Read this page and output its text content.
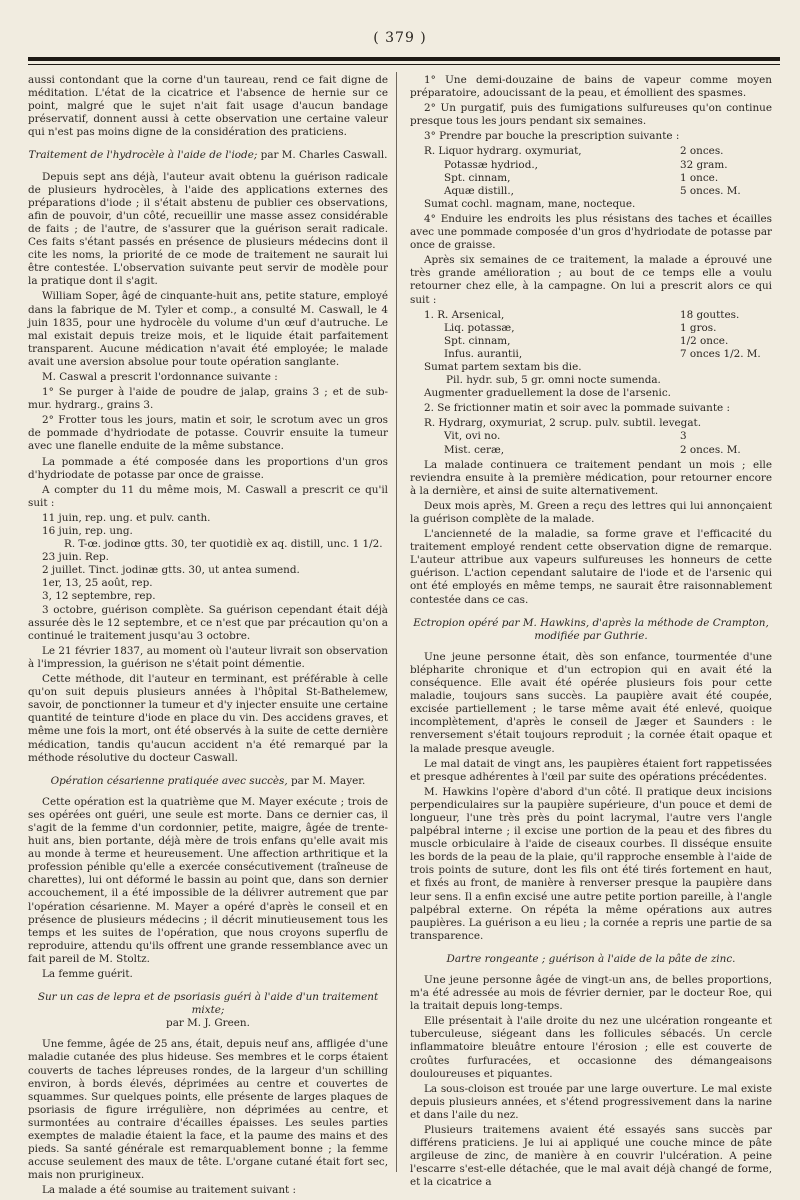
( 379 )

aussi contondant que la corne d'un taureau, rend ce fait digne de méditation. L'état de la cicatrice et l'absence de hernie sur ce point, malgré que le sujet n'ait fait usage d'aucun bandage préservatif, donnent aussi à cette observation une certaine valeur qui n'est pas moins digne de la considération des praticiens.

Traitement de l'hydrocèle à l'aide de l'iode; par M. Charles Caswall.

Depuis sept ans déjà, l'auteur avait obtenu la guérison radicale de plusieurs hydrocèles, à l'aide des applications externes des préparations d'iode ; il s'était abstenu de publier ces observations, afin de pouvoir, d'un côté, recueillir une masse assez considérable de faits ; de l'autre, de s'assurer que la guérison serait radicale. Ces faits s'étant passés en présence de plusieurs médecins dont il cite les noms, la priorité de ce mode de traitement ne saurait lui être contestée. L'observation suivante peut servir de modèle pour la pratique dont il s'agit.

William Soper, âgé de cinquante-huit ans, petite stature, employé dans la fabrique de M. Tyler et comp., a consulté M. Caswall, le 4 juin 1835, pour une hydrocèle du volume d'un œuf d'autruche. Le mal existait depuis treize mois, et le liquide était parfaitement transparent. Aucune médication n'avait été employée; le malade avait une aversion absolue pour toute opération sanglante.

M. Caswal a prescrit l'ordonnance suivante :

1° Se purger à l'aide de poudre de jalap, grains 3 ; et de sub-mur. hydrarg., grains 3.

2° Frotter tous les jours, matin et soir, le scrotum avec un gros de pommade d'hydriodate de potasse. Couvrir ensuite la tumeur avec une flanelle enduite de la même substance.

La pommade a été composée dans les proportions d'un gros d'hydriodate de potasse par once de graisse.

A compter du 11 du même mois, M. Caswall a prescrit ce qu'il suit :

11 juin, rep. ung. et pulv. canth.
16 juin, rep. ung.
R. T-œ. jodinœ gtts. 30, ter quotidiè ex aq. distill, unc. 1 1/2.
23 juin. Rep.
2 juillet. Tinct. jodinæ gtts. 30, ut antea sumend.
1er, 13, 25 août, rep.
3, 12 septembre, rep.

3 octobre, guérison complète. Sa guérison cependant était déjà assurée dès le 12 septembre, et ce n'est que par précaution qu'on a continué le traitement jusqu'au 3 octobre.

Le 21 février 1837, au moment où l'auteur livrait son observation à l'impression, la guérison ne s'était point démentie.

Cette méthode, dit l'auteur en terminant, est préférable à celle qu'on suit depuis plusieurs années à l'hôpital St-Bathelemew, savoir, de ponctionner la tumeur et d'y injecter ensuite une certaine quantité de teinture d'iode en place du vin. Des accidens graves, et même une fois la mort, ont été observés à la suite de cette dernière médication, tandis qu'aucun accident n'a été remarqué par la méthode résolutive du docteur Caswall.

Opération césarienne pratiquée avec succès, par M. Mayer.

Cette opération est la quatrième que M. Mayer exécute ; trois de ses opérées ont guéri, une seule est morte. Dans ce dernier cas, il s'agit de la femme d'un cordonnier, petite, maigre, âgée de trente-huit ans, bien portante, déjà mère de trois enfans qu'elle avait mis au monde à terme et heureusement. Une affection arthritique et la profession pénible qu'elle a exercée consécutivement (traîneuse de charettes), lui ont déformé le bassin au point que, dans son dernier accouchement, il a été impossible de la délivrer autrement que par l'opération césarienne. M. Mayer a opéré d'après le conseil et en présence de plusieurs médecins ; il décrit minutieusement tous les temps et les suites de l'opération, que nous croyons superflu de reproduire, attendu qu'ils offrent une grande ressemblance avec un fait pareil de M. Stoltz.

La femme guérit.

Sur un cas de lepra et de psoriasis guéri à l'aide d'un traitement mixte;
par M. J. Green.

Une femme, âgée de 25 ans, était, depuis neuf ans, affligée d'une maladie cutanée des plus hideuse. Ses membres et le corps étaient couverts de taches lépreuses rondes, de la largeur d'un schilling environ, à bords élevés, déprimées au centre et couvertes de squammes. Sur quelques points, elle présente de larges plaques de psoriasis de figure irrégulière, non déprimées au centre, et surmontées au contraire d'écailles épaisses. Les seules parties exemptes de maladie étaient la face, et la paume des mains et des pieds. Sa santé générale est remarquablement bonne ; la femme accuse seulement des maux de tête. L'organe cutané était fort sec, mais non prurigineux.

La malade a été soumise au traitement suivant :

1° Une demi-douzaine de bains de vapeur comme moyen préparatoire, adoucissant de la peau, et émollient des spasmes.

2° Un purgatif, puis des fumigations sulfureuses qu'on continue presque tous les jours pendant six semaines.

3° Prendre par bouche la prescription suivante :

R. Liquor hydrarg. oxymuriat,	2 onces.
Potassæ hydriod.,	32 gram.
Spt. cinnam,	1 once.
Aquæ distill.,	5 onces. M.
Sumat cochl. magnam, mane, nocteque.

4° Enduire les endroits les plus résistans des taches et écailles avec une pommade composée d'un gros d'hydriodate de potasse par once de graisse.

Après six semaines de ce traitement, la malade a éprouvé une très grande amélioration ; au bout de ce temps elle a voulu retourner chez elle, à la campagne. On lui a prescrit alors ce qui suit :

1. R. Arsenical,	18 gouttes.
Liq. potassæ,	1 gros.
Spt. cinnam,	1/2 once.
Infus. aurantii,	7 onces 1/2. M.
Sumat partem sextam bis die.
Pil. hydr. sub, 5 gr. omni nocte sumenda.
Augmenter graduellement la dose de l'arsenic.

2. Se frictionner matin et soir avec la pommade suivante :

R. Hydrarg, oxymuriat, 2 scrup. pulv. subtil. levegat.
Vit, ovi no.	3
Mist. ceræ,	2 onces. M.

La malade continuera ce traitement pendant un mois ; elle reviendra ensuite à la première médication, pour retourner encore à la dernière, et ainsi de suite alternativement.

Deux mois après, M. Green a reçu des lettres qui lui annonçaient la guérison complète de la malade.

L'ancienneté de la maladie, sa forme grave et l'efficacité du traitement employé rendent cette observation digne de remarque. L'auteur attribue aux vapeurs sulfureuses les honneurs de cette guérison. L'action cependant salutaire de l'iode et de l'arsenic qui ont été employés en même temps, ne saurait être raisonnablement contestée dans ce cas.

Ectropion opéré par M. Hawkins, d'après la méthode de Crampton, modifiée par Guthrie.

Une jeune personne était, dès son enfance, tourmentée d'une blépharite chronique et d'un ectropion qui en avait été la conséquence. Elle avait été opérée plusieurs fois pour cette maladie, toujours sans succès. La paupière avait été coupée, excisée partiellement ; le tarse même avait été enlevé, quoique incomplètement, d'après le conseil de Jæger et Saunders : le renversement s'était toujours reproduit ; la cornée était opaque et la malade presque aveugle.

Le mal datait de vingt ans, les paupières étaient fort rappetissées et presque adhérentes à l'œil par suite des opérations précédentes.

M. Hawkins l'opère d'abord d'un côté. Il pratique deux incisions perpendiculaires sur la paupière supérieure, d'un pouce et demi de longueur, l'une très près du point lacrymal, l'autre vers l'angle palpébral interne ; il excise une portion de la peau et des fibres du muscle orbiculaire à l'aide de ciseaux courbes. Il disséque ensuite les bords de la peau de la plaie, qu'il rapproche ensemble à l'aide de trois points de suture, dont les fils ont été tirés fortement en haut, et fixés au front, de manière à renverser presque la paupière dans leur sens. Il a enfin excisé une autre petite portion pareille, à l'angle palpébral externe. On répéta la même opérations aux autres paupières. La guérison a eu lieu ; la cornée a repris une partie de sa transparence.

Dartre rongeante ; guérison à l'aide de la pâte de zinc.

Une jeune personne âgée de vingt-un ans, de belles proportions, m'a été adressée au mois de février dernier, par le docteur Roe, qui la traitait depuis long-temps.

Elle présentait à l'aile droite du nez une ulcération rongeante et tuberculeuse, siégeant dans les follicules sébacés. Un cercle inflammatoire bleuâtre entoure l'érosion ; elle est couverte de croûtes furfuracées, et occasionne des démangeaisons douloureuses et piquantes.

La sous-cloison est trouée par une large ouverture. Le mal existe depuis plusieurs années, et s'étend progressivement dans la narine et dans l'aile du nez.

Plusieurs traitemens avaient été essayés sans succès par différens praticiens. Je lui ai appliqué une couche mince de pâte argileuse de zinc, de manière à en couvrir l'ulcération. A peine l'escarre s'est-elle détachée, que le mal avait déjà changé de forme, et la cicatrice a
